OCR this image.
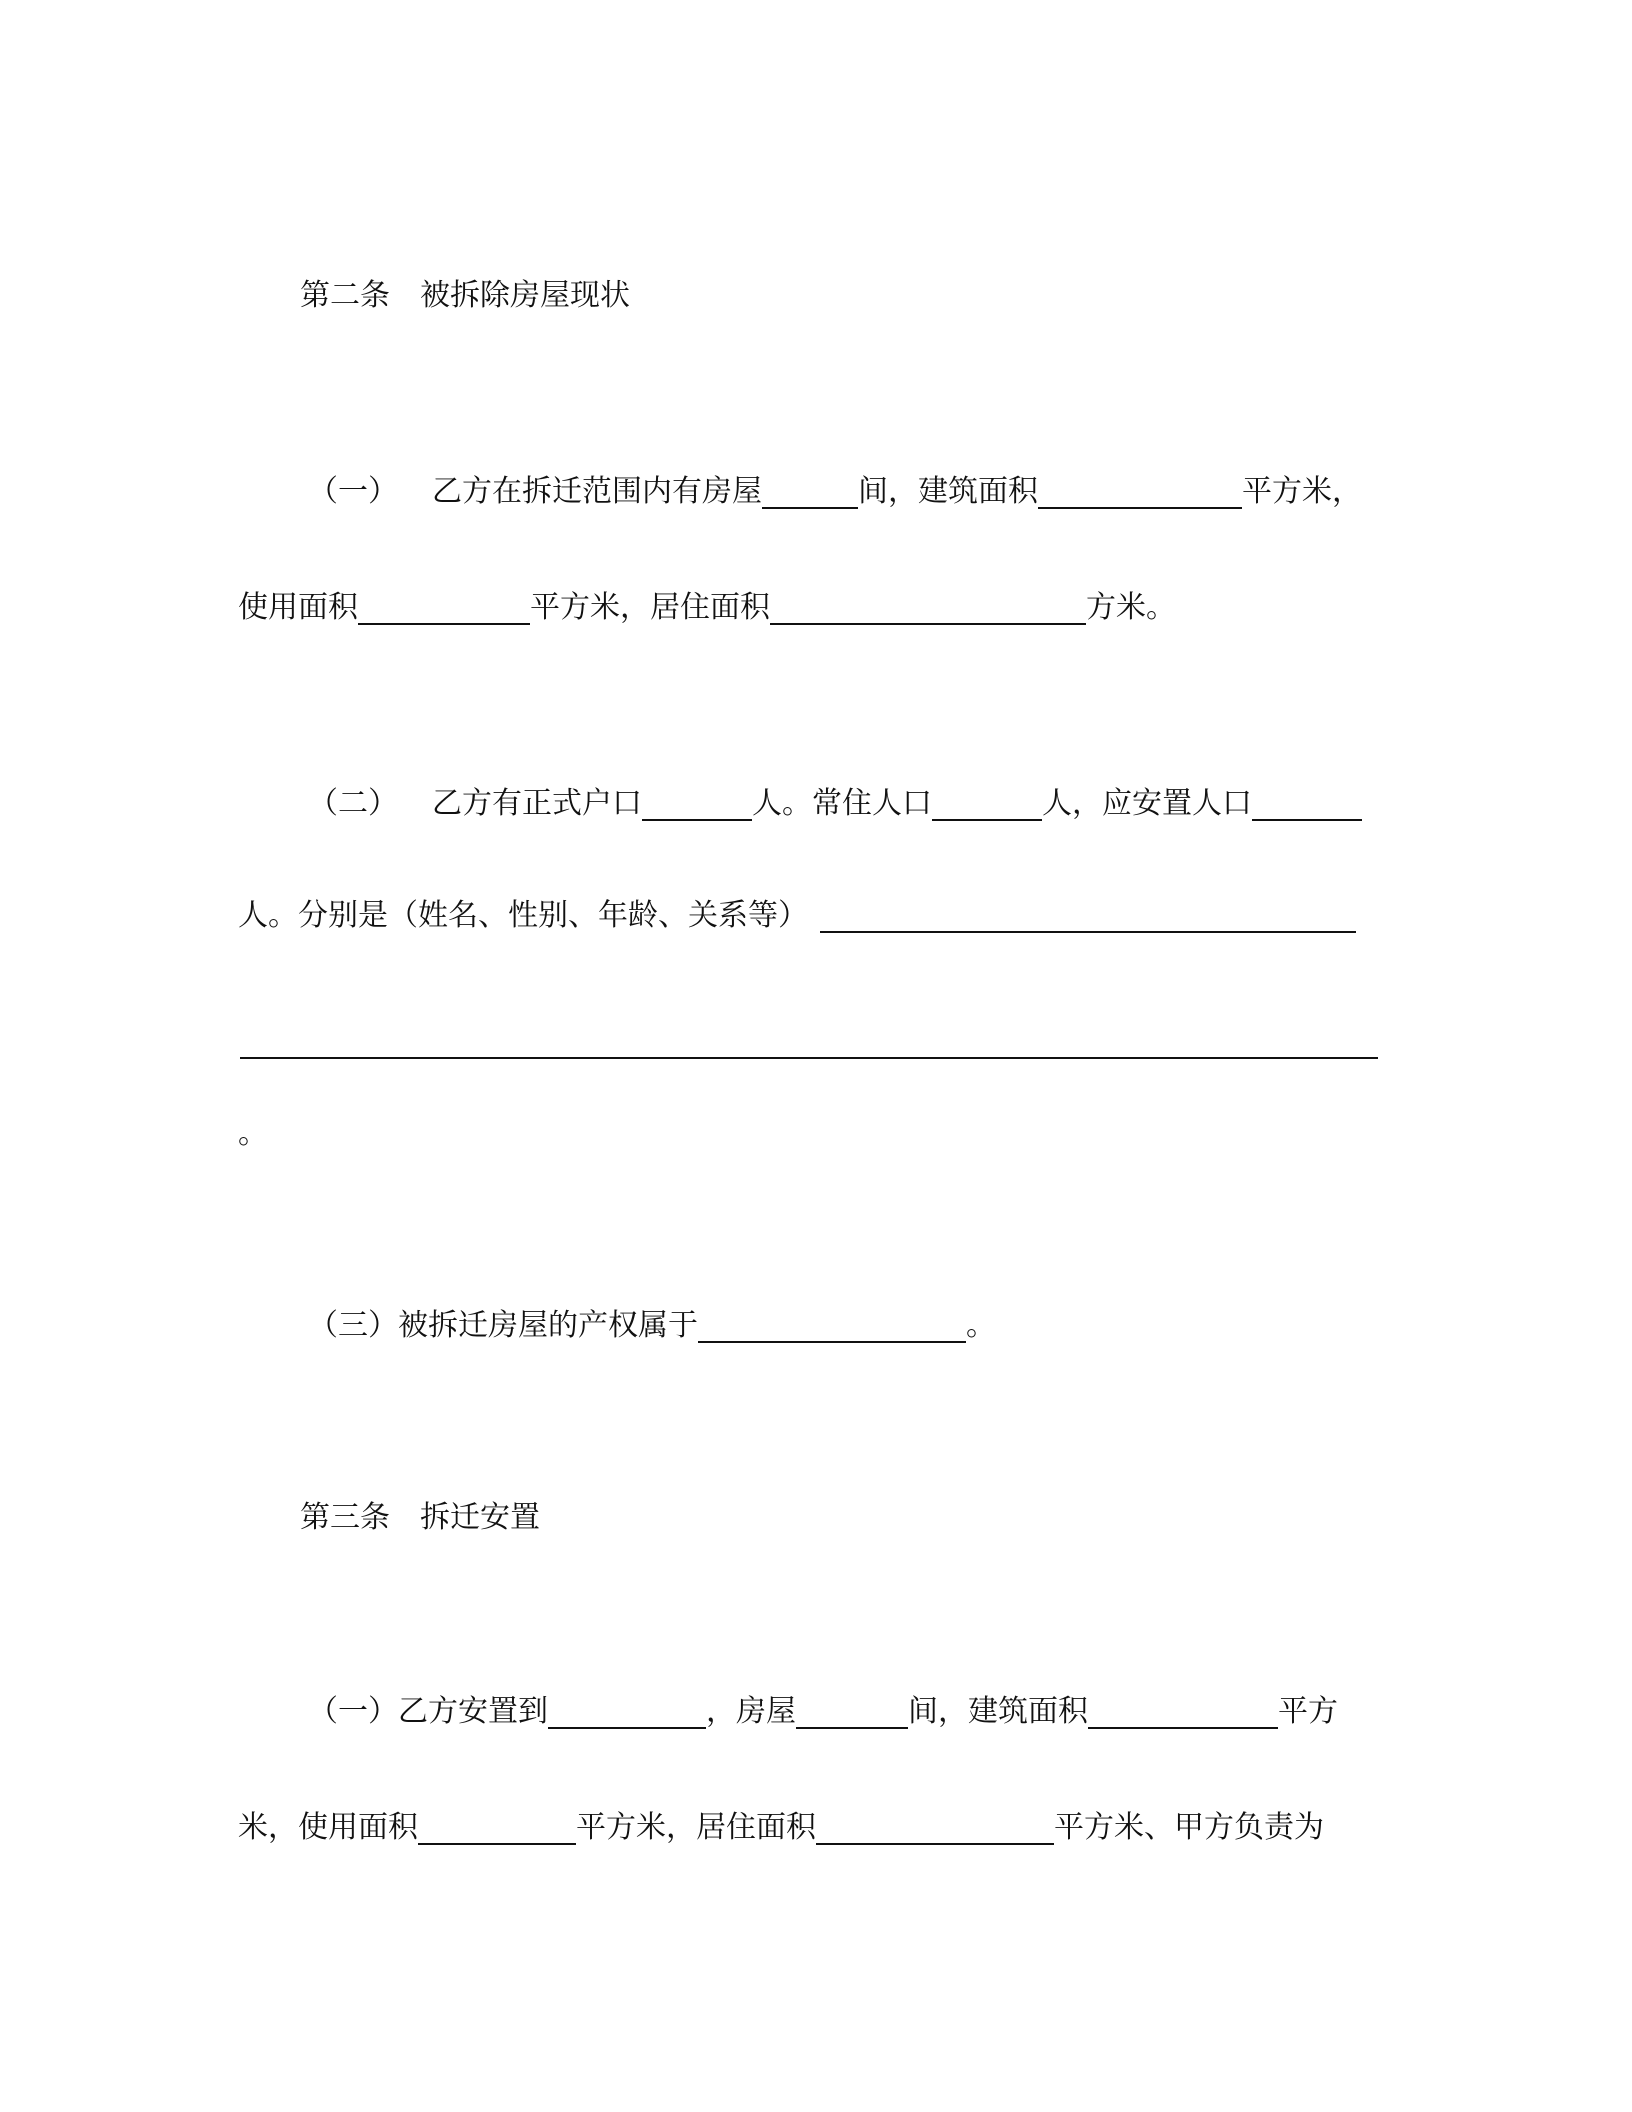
第二条　被拆除房屋现状
（一） 乙方在拆迁范围内有房屋	间，建筑面积	平方米，
使用面积	平方米，居住面积	方米。
（二） 乙方有正式户口	人。常住人口	人，应安置人口
人。分别是（姓名、性别、年龄、关系等）
。
（三）被拆迁房屋的产权属于	。
第三条　拆迁安置
（一）乙方安置到	，房屋	间，建筑面积	平方
米，使用面积	平方米，居住面积	平方米、甲方负责为
